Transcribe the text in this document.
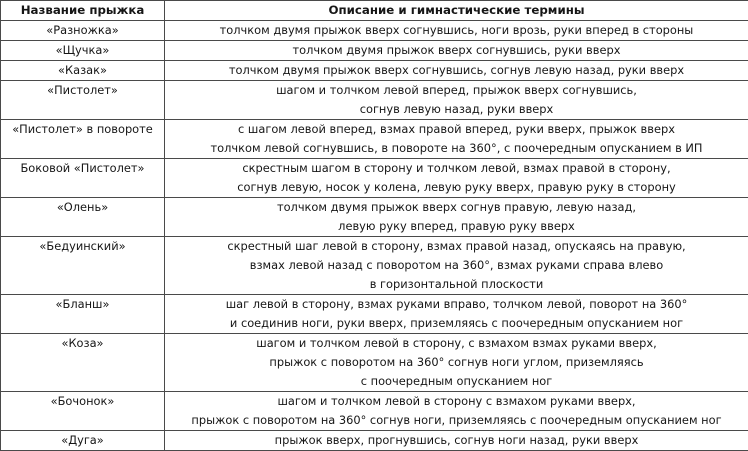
Название прыжка	Описание и гимнастические термины

«Разножка»	толчком двумя прыжок вверх согнувшись, ноги врозь, руки вперед в стороны

«Щучка»	толчком двумя прыжок вверх согнувшись, руки вверх

«Казак»	толчком двумя прыжок вверх согнувшись, согнув левую назад, руки вверх

«Пистолет»	шагом и толчком левой вперед, прыжок вверх согнувшись,
согнув левую назад, руки вверх

«Пистолет» в повороте	с шагом левой вперед, взмах правой вперед, руки вверх, прыжок вверх
толчком левой согнувшись, в повороте на 360°, с поочередным опусканием в ИП

Боковой «Пистолет»	скрестным шагом в сторону и толчком левой, взмах правой в сторону,
согнув левую, носок у колена, левую руку вверх, правую руку в сторону

«Олень»	толчком двумя прыжок вверх согнув правую, левую назад,
левую руку вперед, правую руку вверх

«Бедуинский»	скрестный шаг левой в сторону, взмах правой назад, опускаясь на правую,
взмах левой назад с поворотом на 360°, взмах руками справа влево
в горизонтальной плоскости

«Бланш»	шаг левой в сторону, взмах руками вправо, толчком левой, поворот на 360°
и соединив ноги, руки вверх, приземляясь с поочередным опусканием ног

«Коза»	шагом и толчком левой в сторону, с взмахом взмах руками вверх,
прыжок с поворотом на 360° согнув ноги углом, приземляясь
с поочередным опусканием ног

«Бочонок»	шагом и толчком левой в сторону с взмахом руками вверх,
прыжок с поворотом на 360° согнув ноги, приземляясь с поочередным опусканием ног

«Дуга»	прыжок вверх, прогнувшись, согнув ноги назад, руки вверх
